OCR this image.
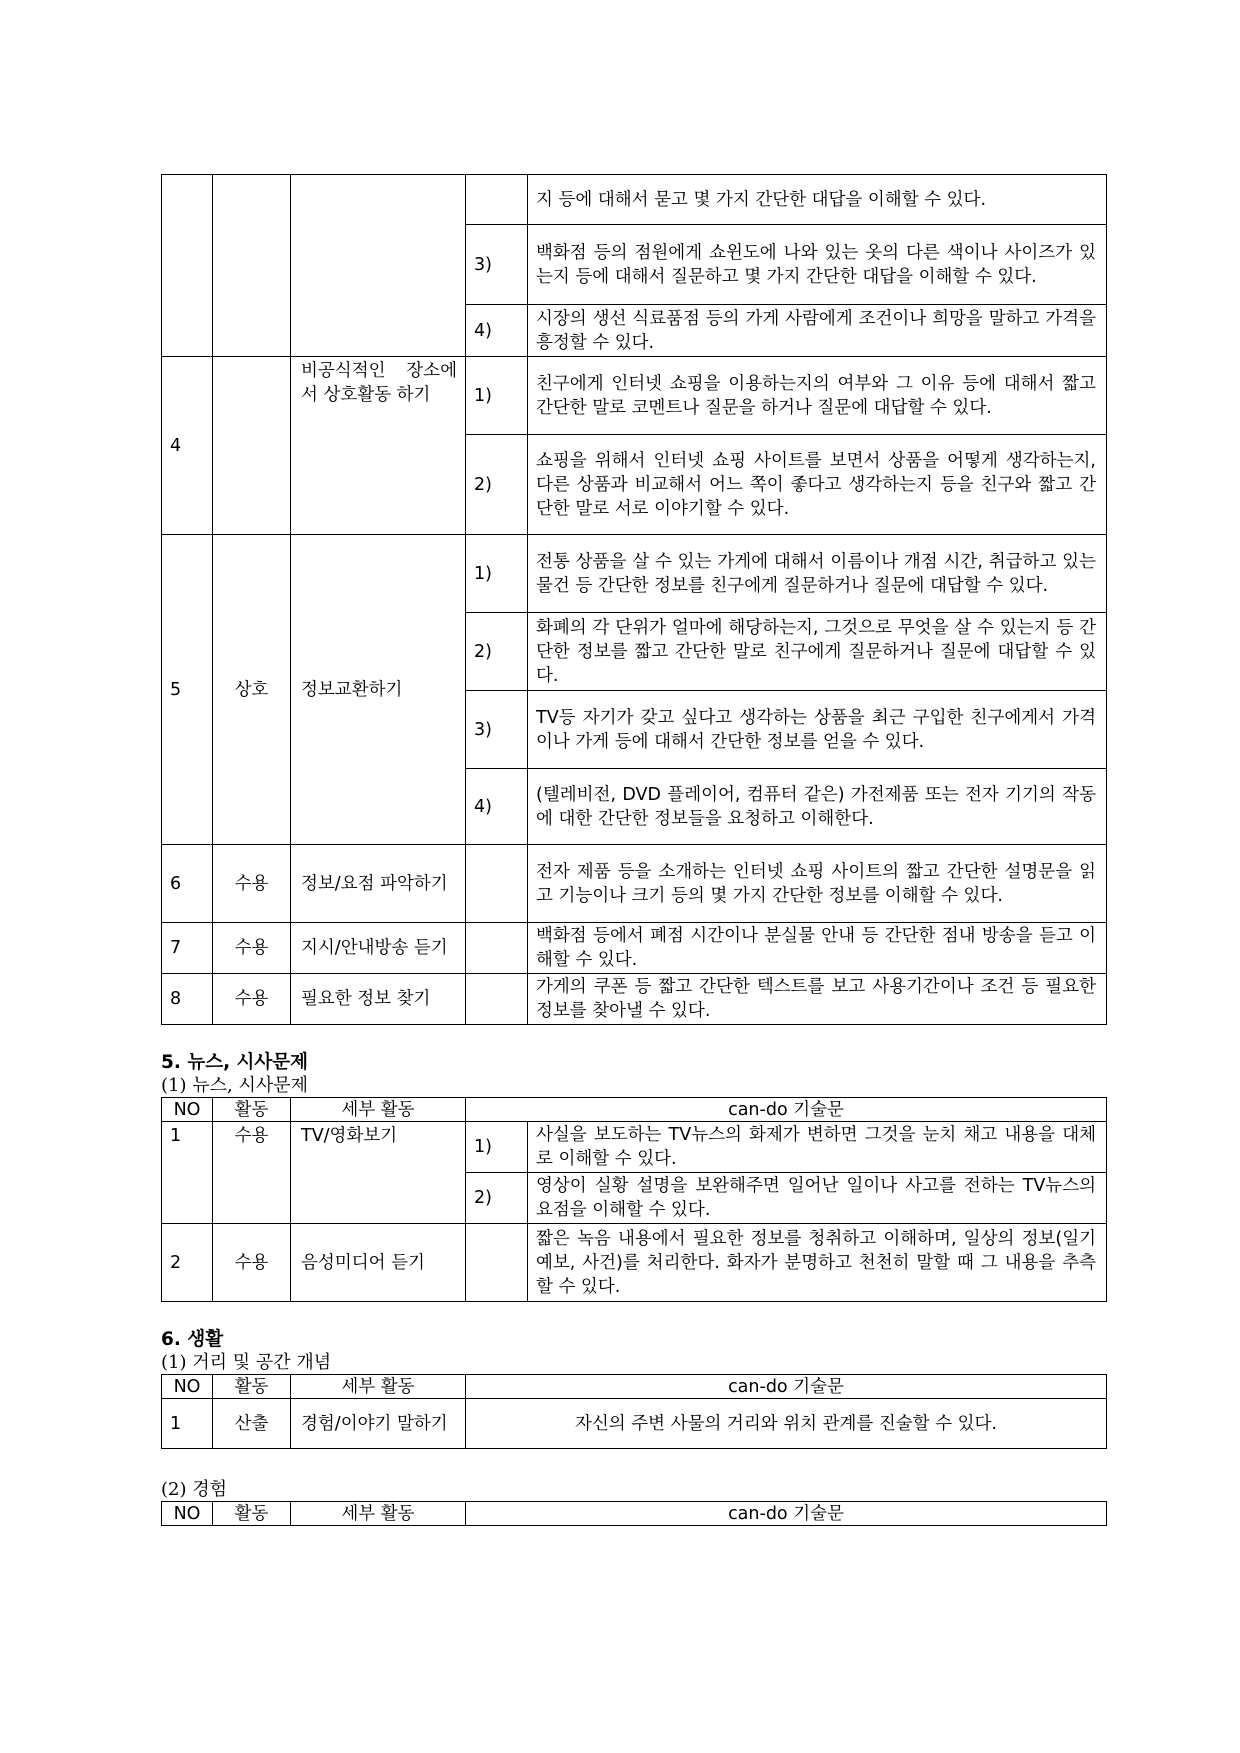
				지 등에 대해서 묻고 몇 가지 간단한 대답을 이해할 수 있다.
			3)	백화점 등의 점원에게 쇼윈도에 나와 있는 옷의 다른 색이나 사이즈가 있는지 등에 대해서 질문하고 몇 가지 간단한 대답을 이해할 수 있다.
			4)	시장의 생선 식료품점 등의 가게 사람에게 조건이나 희망을 말하고 가격을 흥정할 수 있다.
4		비공식적인 장소에서 상호활동 하기	1)	친구에게 인터넷 쇼핑을 이용하는지의 여부와 그 이유 등에 대해서 짧고 간단한 말로 코멘트나 질문을 하거나 질문에 대답할 수 있다.
			2)	쇼핑을 위해서 인터넷 쇼핑 사이트를 보면서 상품을 어떻게 생각하는지, 다른 상품과 비교해서 어느 쪽이 좋다고 생각하는지 등을 친구와 짧고 간단한 말로 서로 이야기할 수 있다.
5	상호	정보교환하기	1)	전통 상품을 살 수 있는 가게에 대해서 이름이나 개점 시간, 취급하고 있는 물건 등 간단한 정보를 친구에게 질문하거나 질문에 대답할 수 있다.
			2)	화폐의 각 단위가 얼마에 해당하는지, 그것으로 무엇을 살 수 있는지 등 간단한 정보를 짧고 간단한 말로 친구에게 질문하거나 질문에 대답할 수 있다.
			3)	TV등 자기가 갖고 싶다고 생각하는 상품을 최근 구입한 친구에게서 가격이나 가게 등에 대해서 간단한 정보를 얻을 수 있다.
			4)	(텔레비전, DVD 플레이어, 컴퓨터 같은) 가전제품 또는 전자 기기의 작동에 대한 간단한 정보들을 요청하고 이해한다.
6	수용	정보/요점 파악하기		전자 제품 등을 소개하는 인터넷 쇼핑 사이트의 짧고 간단한 설명문을 읽고 기능이나 크기 등의 몇 가지 간단한 정보를 이해할 수 있다.
7	수용	지시/안내방송 듣기		백화점 등에서 폐점 시간이나 분실물 안내 등 간단한 점내 방송을 듣고 이해할 수 있다.
8	수용	필요한 정보 찾기		가게의 쿠폰 등 짧고 간단한 텍스트를 보고 사용기간이나 조건 등 필요한 정보를 찾아낼 수 있다.

5. 뉴스, 시사문제

(1) 뉴스, 시사문제

NO	활동	세부 활동	can-do 기술문	
1	수용	TV/영화보기	1)	사실을 보도하는 TV뉴스의 화제가 변하면 그것을 눈치 채고 내용을 대체로 이해할 수 있다.
			2)	영상이 실황 설명을 보완해주면 일어난 일이나 사고를 전하는 TV뉴스의 요점을 이해할 수 있다.
2	수용	음성미디어 듣기		짧은 녹음 내용에서 필요한 정보를 청취하고 이해하며, 일상의 정보(일기예보, 사건)를 처리한다. 화자가 분명하고 천천히 말할 때 그 내용을 추측할 수 있다.

6. 생활

(1) 거리 및 공간 개념

NO	활동	세부 활동	can-do 기술문
1	산출	경험/이야기 말하기	자신의 주변 사물의 거리와 위치 관계를 진술할 수 있다.

(2) 경험

NO	활동	세부 활동	can-do 기술문
